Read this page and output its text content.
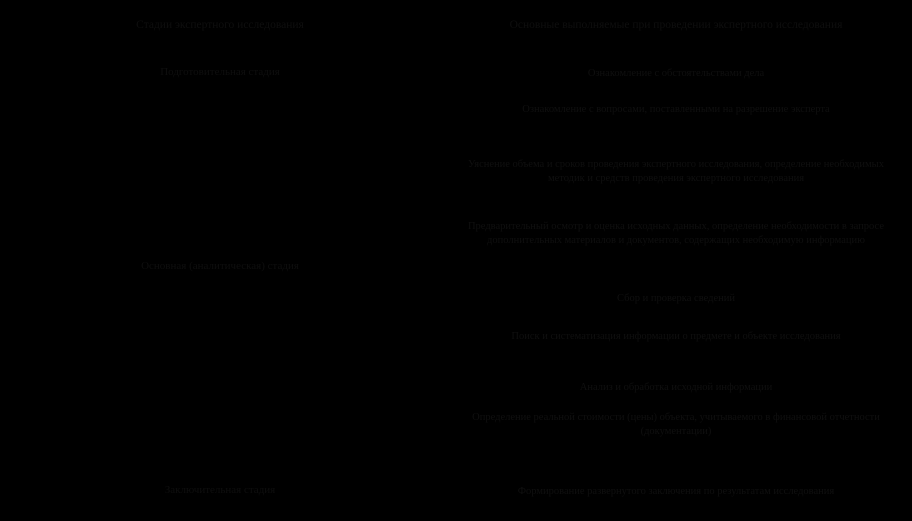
Стадии экспертного исследования	Основные выполняемые при проведении экспертного исследования
Подготовительная стадия
Основная (аналитическая) стадия
Заключительная стадия
Ознакомление с обстоятельствами дела
Ознакомление с вопросами, поставленными на разрешение эксперта
Уяснение объема и сроков проведения экспертного исследования, определение необходимых методик и средств проведения экспертного исследования
Предварительный осмотр и оценка исходных данных, определение необходимости в запросе дополнительных материалов и документов, содержащих необходимую информацию
Сбор и проверка сведений
Поиск и систематизация информации о предмете и объекте исследования
Анализ и обработка исходной информации
Определение реальной стоимости (цены) объекта, учитываемого в финансовой отчетности (документации)
Формирование развернутого заключения по результатам исследования
